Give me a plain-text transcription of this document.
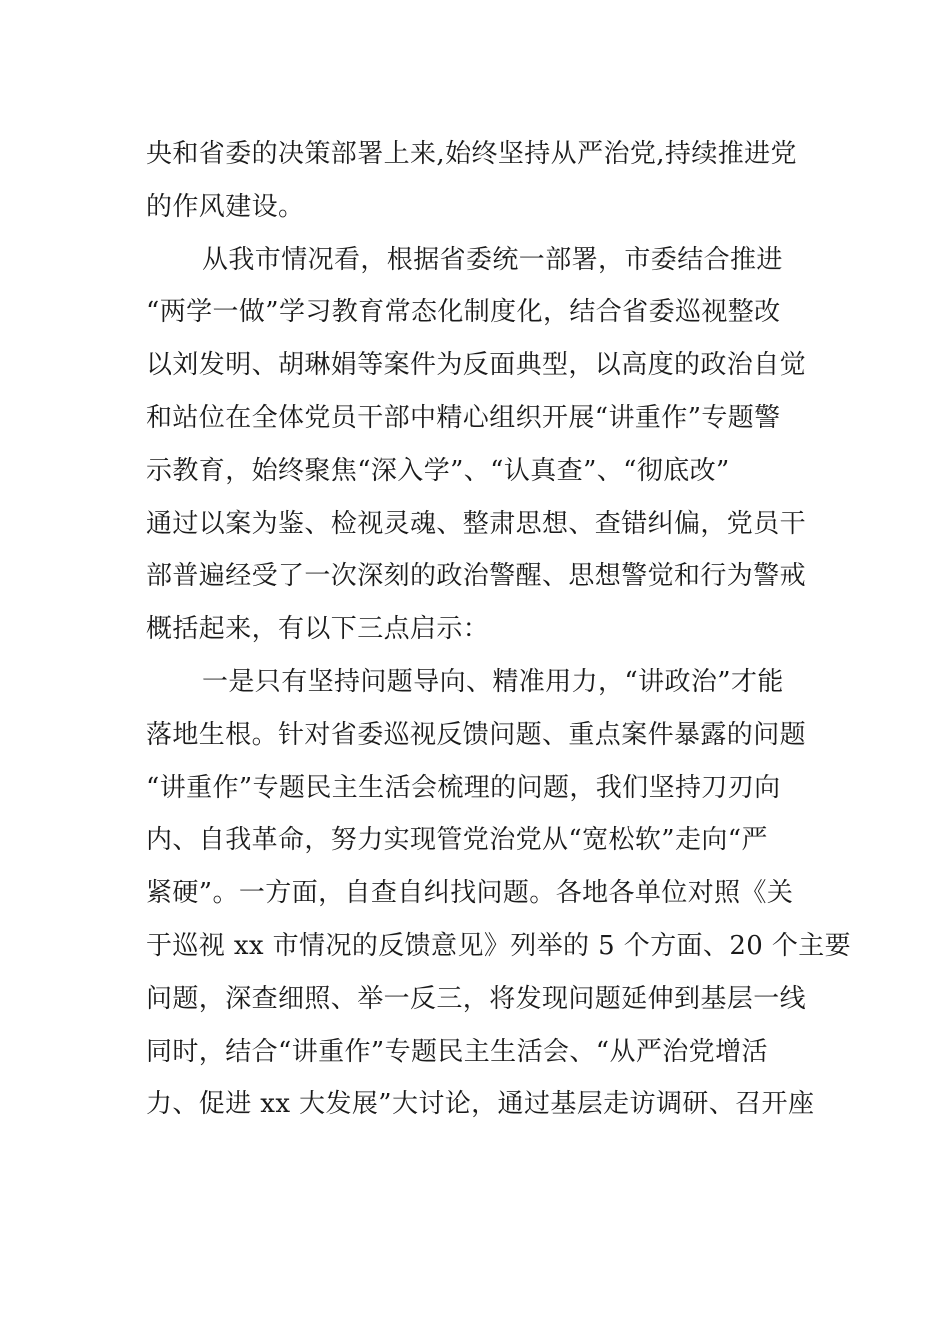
央和省委的决策部署上来,始终坚持从严治党,持续推进党
的作风建设。
从我市情况看，根据省委统一部署，市委结合推进
“两学一做”学习教育常态化制度化，结合省委巡视整改
以刘发明、胡琳娟等案件为反面典型，以高度的政治自觉
和站位在全体党员干部中精心组织开展“讲重作”专题警
示教育，始终聚焦“深入学”、“认真查”、“彻底改”
通过以案为鉴、检视灵魂、整肃思想、查错纠偏，党员干
部普遍经受了一次深刻的政治警醒、思想警觉和行为警戒
概括起来，有以下三点启示：
一是只有坚持问题导向、精准用力，“讲政治”才能
落地生根。针对省委巡视反馈问题、重点案件暴露的问题
“讲重作”专题民主生活会梳理的问题，我们坚持刀刃向
内、自我革命，努力实现管党治党从“宽松软”走向“严
紧硬”。一方面，自查自纠找问题。各地各单位对照《关
于巡视 xx 市情况的反馈意见》列举的 5 个方面、20 个主要
问题，深查细照、举一反三，将发现问题延伸到基层一线
同时，结合“讲重作”专题民主生活会、“从严治党增活
力、促进 xx 大发展”大讨论，通过基层走访调研、召开座
